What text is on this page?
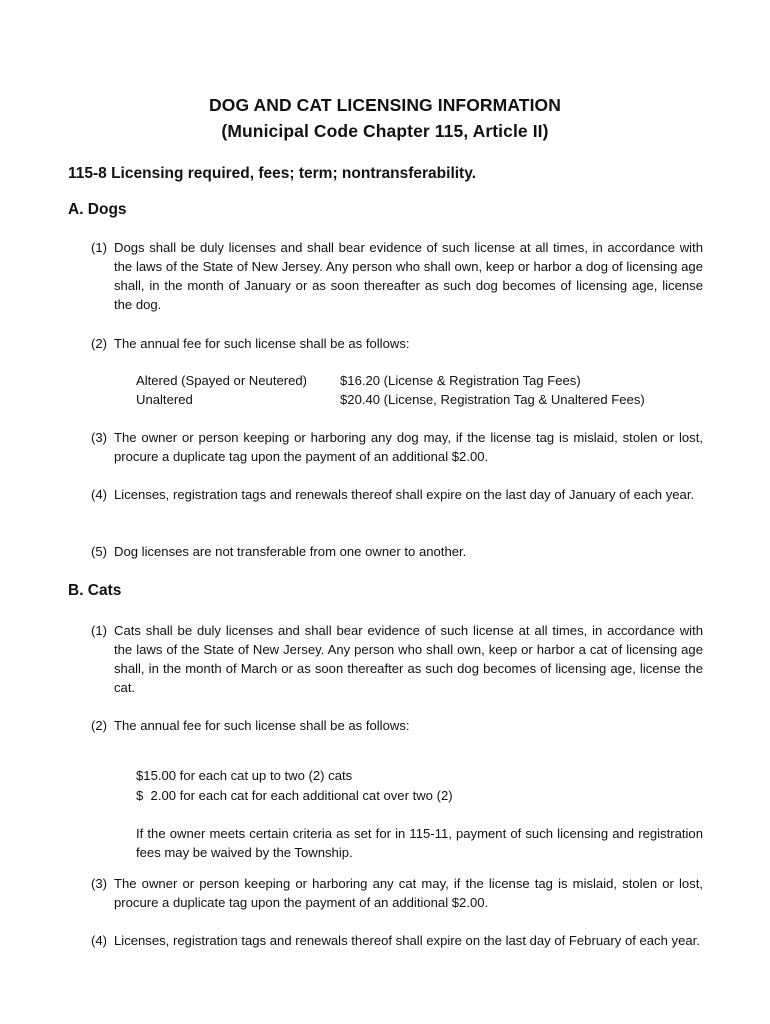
DOG AND CAT LICENSING INFORMATION
(Municipal Code Chapter 115, Article II)
115-8 Licensing required, fees; term; nontransferability.
A. Dogs
(1) Dogs shall be duly licenses and shall bear evidence of such license at all times, in accordance with the laws of the State of New Jersey. Any person who shall own, keep or harbor a dog of licensing age shall, in the month of January or as soon thereafter as such dog becomes of licensing age, license the dog.
(2) The annual fee for such license shall be as follows:
Altered (Spayed or Neutered)	$16.20 (License & Registration Tag Fees)
Unaltered	$20.40 (License, Registration Tag & Unaltered Fees)
(3) The owner or person keeping or harboring any dog may, if the license tag is mislaid, stolen or lost, procure a duplicate tag upon the payment of an additional $2.00.
(4) Licenses, registration tags and renewals thereof shall expire on the last day of January of each year.
(5) Dog licenses are not transferable from one owner to another.
B. Cats
(1) Cats shall be duly licenses and shall bear evidence of such license at all times, in accordance with the laws of the State of New Jersey. Any person who shall own, keep or harbor a cat of licensing age shall, in the month of March or as soon thereafter as such dog becomes of licensing age, license the cat.
(2) The annual fee for such license shall be as follows:
$15.00 for each cat up to two (2) cats
$  2.00 for each cat for each additional cat over two (2)
If the owner meets certain criteria as set for in 115-11, payment of such licensing and registration fees may be waived by the Township.
(3) The owner or person keeping or harboring any cat may, if the license tag is mislaid, stolen or lost, procure a duplicate tag upon the payment of an additional $2.00.
(4) Licenses, registration tags and renewals thereof shall expire on the last day of February of each year.
